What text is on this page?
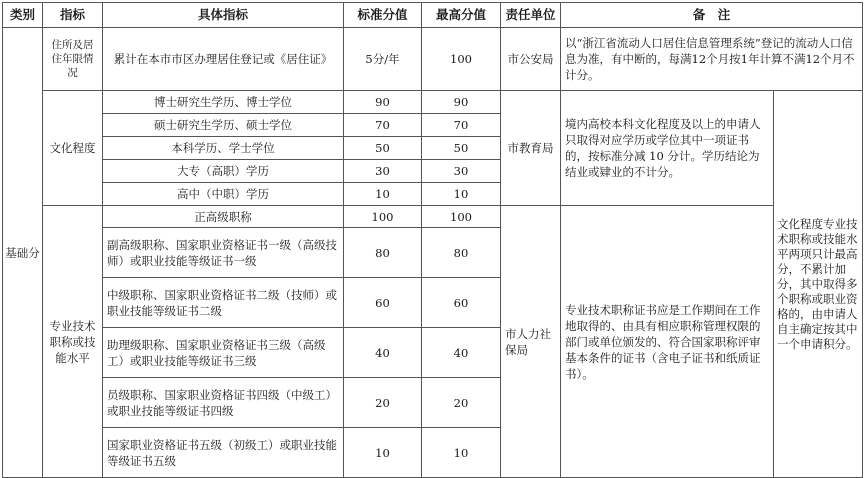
类别	指标	具体指标	标准分值	最高分值	责任单位	备　注	
基础分	住所及居住年限情况	累计在本市市区办理居住登记或《居住证》	5分/年	100	市公安局	以“浙江省流动人口居住信息管理系统”登记的流动人口信息为准，有中断的，每满12个月按1年计算不满12个月不计分。	
	文化程度	博士研究生学历、博士学位	90	90	市教育局	境内高校本科文化程度及以上的申请人只取得对应学历或学位其中一项证书的，按标准分减 10 分计。学历结论为结业或肄业的不计分。	文化程度专业技术职称或技能水平两项只计最高分，不累计加分，其中取得多个职称或职业资格的，由申请人自主确定按其中一个申请积分。
		硕士研究生学历、硕士学位	70	70			
		本科学历、学士学位	50	50			
		大专（高职）学历	30	30			
		高中（中职）学历	10	10			
	专业技术职称或技能水平	正高级职称	100	100	市人力社保局	专业技术职称证书应是工作期间在工作地取得的、由具有相应职称管理权限的部门或单位颁发的、符合国家职称评审基本条件的证书（含电子证书和纸质证书）。	
		副高级职称、国家职业资格证书一级（高级技师）或职业技能等级证书一级	80	80			
		中级职称、国家职业资格证书二级（技师）或职业技能等级证书二级	60	60			
		助理级职称、国家职业资格证书三级（高级工）或职业技能等级证书三级	40	40			
		员级职称、国家职业资格证书四级（中级工）或职业技能等级证书四级	20	20			
		国家职业资格证书五级（初级工）或职业技能等级证书五级	10	10			
